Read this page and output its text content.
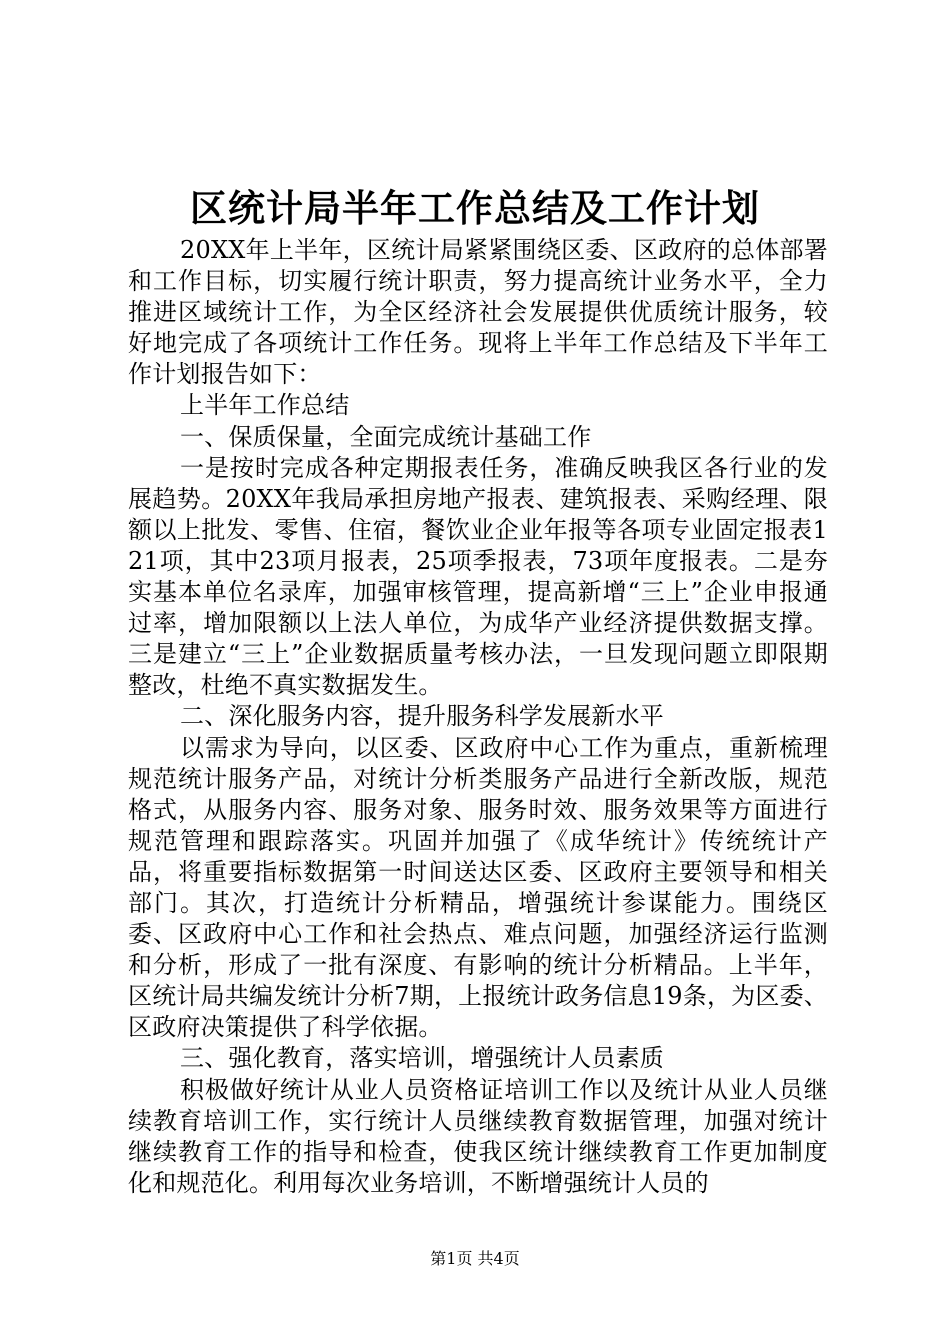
区统计局半年工作总结及工作计划

20XX年上半年，区统计局紧紧围绕区委、区政府的总体部署和工作目标，切实履行统计职责，努力提高统计业务水平，全力推进区域统计工作，为全区经济社会发展提供优质统计服务，较好地完成了各项统计工作任务。现将上半年工作总结及下半年工作计划报告如下：

上半年工作总结

一、保质保量，全面完成统计基础工作

一是按时完成各种定期报表任务，准确反映我区各行业的发展趋势。20XX年我局承担房地产报表、建筑报表、采购经理、限额以上批发、零售、住宿，餐饮业企业年报等各项专业固定报表121项，其中23项月报表，25项季报表，73项年度报表。二是夯实基本单位名录库，加强审核管理，提高新增“三上”企业申报通过率，增加限额以上法人单位，为成华产业经济提供数据支撑。三是建立“三上”企业数据质量考核办法，一旦发现问题立即限期整改，杜绝不真实数据发生。

二、深化服务内容，提升服务科学发展新水平

以需求为导向，以区委、区政府中心工作为重点，重新梳理规范统计服务产品，对统计分析类服务产品进行全新改版，规范格式，从服务内容、服务对象、服务时效、服务效果等方面进行规范管理和跟踪落实。巩固并加强了《成华统计》传统统计产品，将重要指标数据第一时间送达区委、区政府主要领导和相关部门。其次，打造统计分析精品，增强统计参谋能力。围绕区委、区政府中心工作和社会热点、难点问题，加强经济运行监测和分析，形成了一批有深度、有影响的统计分析精品。上半年，区统计局共编发统计分析7期，上报统计政务信息19条，为区委、区政府决策提供了科学依据。

三、强化教育，落实培训，增强统计人员素质

积极做好统计从业人员资格证培训工作以及统计从业人员继续教育培训工作，实行统计人员继续教育数据管理，加强对统计继续教育工作的指导和检查，使我区统计继续教育工作更加制度化和规范化。利用每次业务培训，不断增强统计人员的

第1页 共4页
